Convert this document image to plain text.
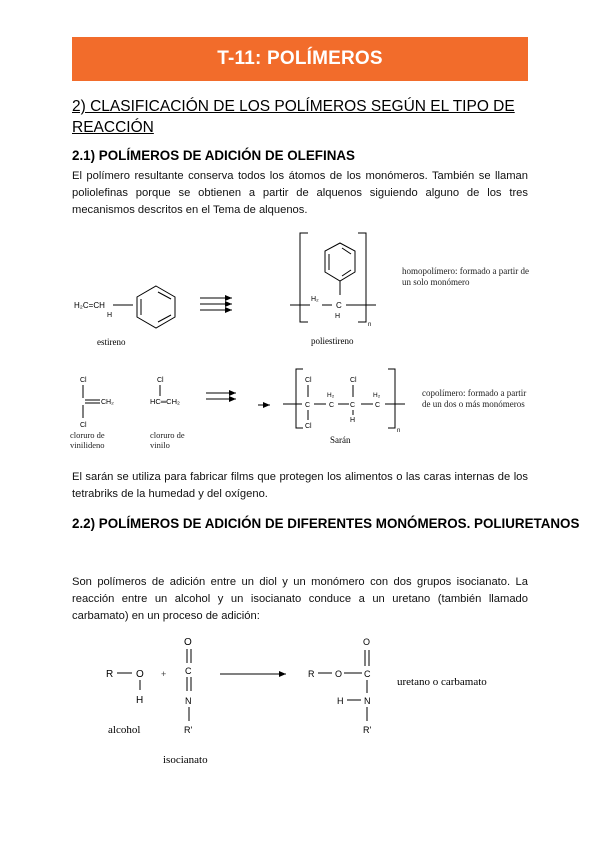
T-11: POLÍMEROS
2) CLASIFICACIÓN DE LOS POLÍMEROS SEGÚN EL TIPO DE REACCIÓN
2.1) POLÍMEROS DE ADICIÓN DE OLEFINAS
El polímero resultante conserva todos los átomos de los monómeros. También se llaman poliolefinas porque se obtienen a partir de alquenos siguiendo alguno de los tres mecanismos descritos en el Tema de alquenos.
El sarán se utiliza para fabricar films que protegen los alimentos o las caras internas de los tetrabriks de la humedad y del oxígeno.
2.2) POLÍMEROS DE ADICIÓN DE DIFERENTES MONÓMEROS. POLIURETANOS
Son polímeros de adición entre un diol y un monómero con dos grupos isocianato. La reacción entre un alcohol y un isocianato conduce a un uretano (también llamado carbamato) en un proceso de adición:
H₂C=CH
H
estireno
H₂
C
H
n
poliestireno
homopolímero: formado a partir de un solo monómero
Cl
CH₂
Cl
cloruro de vinilideno
Cl
HC═CH₂
cloruro de vinilo
Cl
C
Cl
H₂
C
Cl
C
H
H₂
C
n
Sarán
copolímero: formado a partir de un dos o más monómeros
R O
H
alcohol
+
O
C
N
R'
isocianato
R O C
O
N
H
R'
uretano o carbamato
